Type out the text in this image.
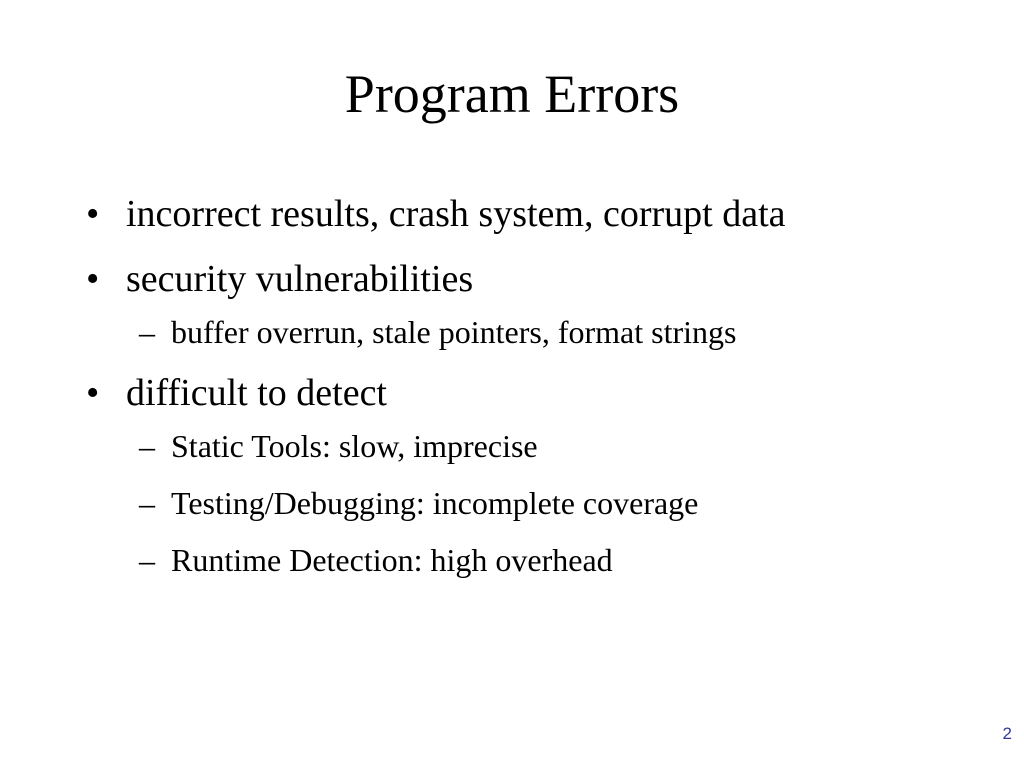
Program Errors
• incorrect results, crash system, corrupt data
• security vulnerabilities
– buffer overrun, stale pointers, format strings
• difficult to detect
– Static Tools: slow, imprecise
– Testing/Debugging: incomplete coverage
– Runtime Detection: high overhead
2
